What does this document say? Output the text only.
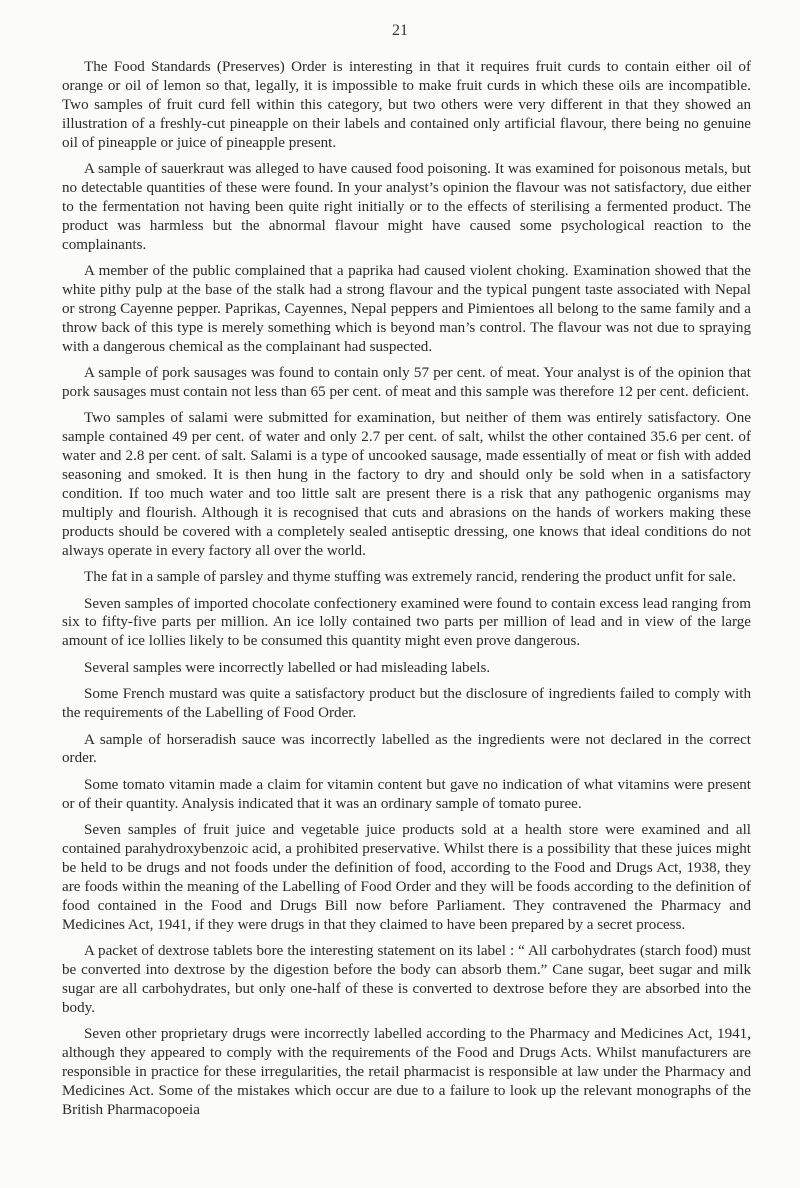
21

The Food Standards (Preserves) Order is interesting in that it requires fruit curds to contain either oil of orange or oil of lemon so that, legally, it is impossible to make fruit curds in which these oils are incompatible. Two samples of fruit curd fell within this category, but two others were very different in that they showed an illustration of a freshly-cut pineapple on their labels and contained only artificial flavour, there being no genuine oil of pineapple or juice of pineapple present.

A sample of sauerkraut was alleged to have caused food poisoning. It was examined for poisonous metals, but no detectable quantities of these were found. In your analyst’s opinion the flavour was not satisfactory, due either to the fermentation not having been quite right initially or to the effects of sterilising a fermented product. The product was harmless but the abnormal flavour might have caused some psychological reaction to the complainants.

A member of the public complained that a paprika had caused violent choking. Examination showed that the white pithy pulp at the base of the stalk had a strong flavour and the typical pungent taste associated with Nepal or strong Cayenne pepper. Paprikas, Cayennes, Nepal peppers and Pimientoes all belong to the same family and a throw back of this type is merely something which is beyond man’s control. The flavour was not due to spraying with a dangerous chemical as the complainant had suspected.

A sample of pork sausages was found to contain only 57 per cent. of meat. Your analyst is of the opinion that pork sausages must contain not less than 65 per cent. of meat and this sample was therefore 12 per cent. deficient.

Two samples of salami were submitted for examination, but neither of them was entirely satisfactory. One sample contained 49 per cent. of water and only 2.7 per cent. of salt, whilst the other contained 35.6 per cent. of water and 2.8 per cent. of salt. Salami is a type of uncooked sausage, made essentially of meat or fish with added seasoning and smoked. It is then hung in the factory to dry and should only be sold when in a satisfactory condition. If too much water and too little salt are present there is a risk that any pathogenic organisms may multiply and flourish. Although it is recognised that cuts and abrasions on the hands of workers making these products should be covered with a completely sealed antiseptic dressing, one knows that ideal conditions do not always operate in every factory all over the world.

The fat in a sample of parsley and thyme stuffing was extremely rancid, rendering the product unfit for sale.

Seven samples of imported chocolate confectionery examined were found to contain excess lead ranging from six to fifty-five parts per million. An ice lolly contained two parts per million of lead and in view of the large amount of ice lollies likely to be consumed this quantity might even prove dangerous.

Several samples were incorrectly labelled or had misleading labels.

Some French mustard was quite a satisfactory product but the disclosure of ingredients failed to comply with the requirements of the Labelling of Food Order.

A sample of horseradish sauce was incorrectly labelled as the ingredients were not declared in the correct order.

Some tomato vitamin made a claim for vitamin content but gave no indication of what vitamins were present or of their quantity. Analysis indicated that it was an ordinary sample of tomato puree.

Seven samples of fruit juice and vegetable juice products sold at a health store were examined and all contained parahydroxybenzoic acid, a prohibited preservative. Whilst there is a possibility that these juices might be held to be drugs and not foods under the definition of food, according to the Food and Drugs Act, 1938, they are foods within the meaning of the Labelling of Food Order and they will be foods according to the definition of food contained in the Food and Drugs Bill now before Parliament. They contravened the Pharmacy and Medicines Act, 1941, if they were drugs in that they claimed to have been prepared by a secret process.

A packet of dextrose tablets bore the interesting statement on its label : “ All carbohydrates (starch food) must be converted into dextrose by the digestion before the body can absorb them.” Cane sugar, beet sugar and milk sugar are all carbohydrates, but only one-half of these is converted to dextrose before they are absorbed into the body.

Seven other proprietary drugs were incorrectly labelled according to the Pharmacy and Medicines Act, 1941, although they appeared to comply with the requirements of the Food and Drugs Acts. Whilst manufacturers are responsible in practice for these irregularities, the retail pharmacist is responsible at law under the Pharmacy and Medicines Act. Some of the mistakes which occur are due to a failure to look up the relevant monographs of the British Pharmacopoeia
